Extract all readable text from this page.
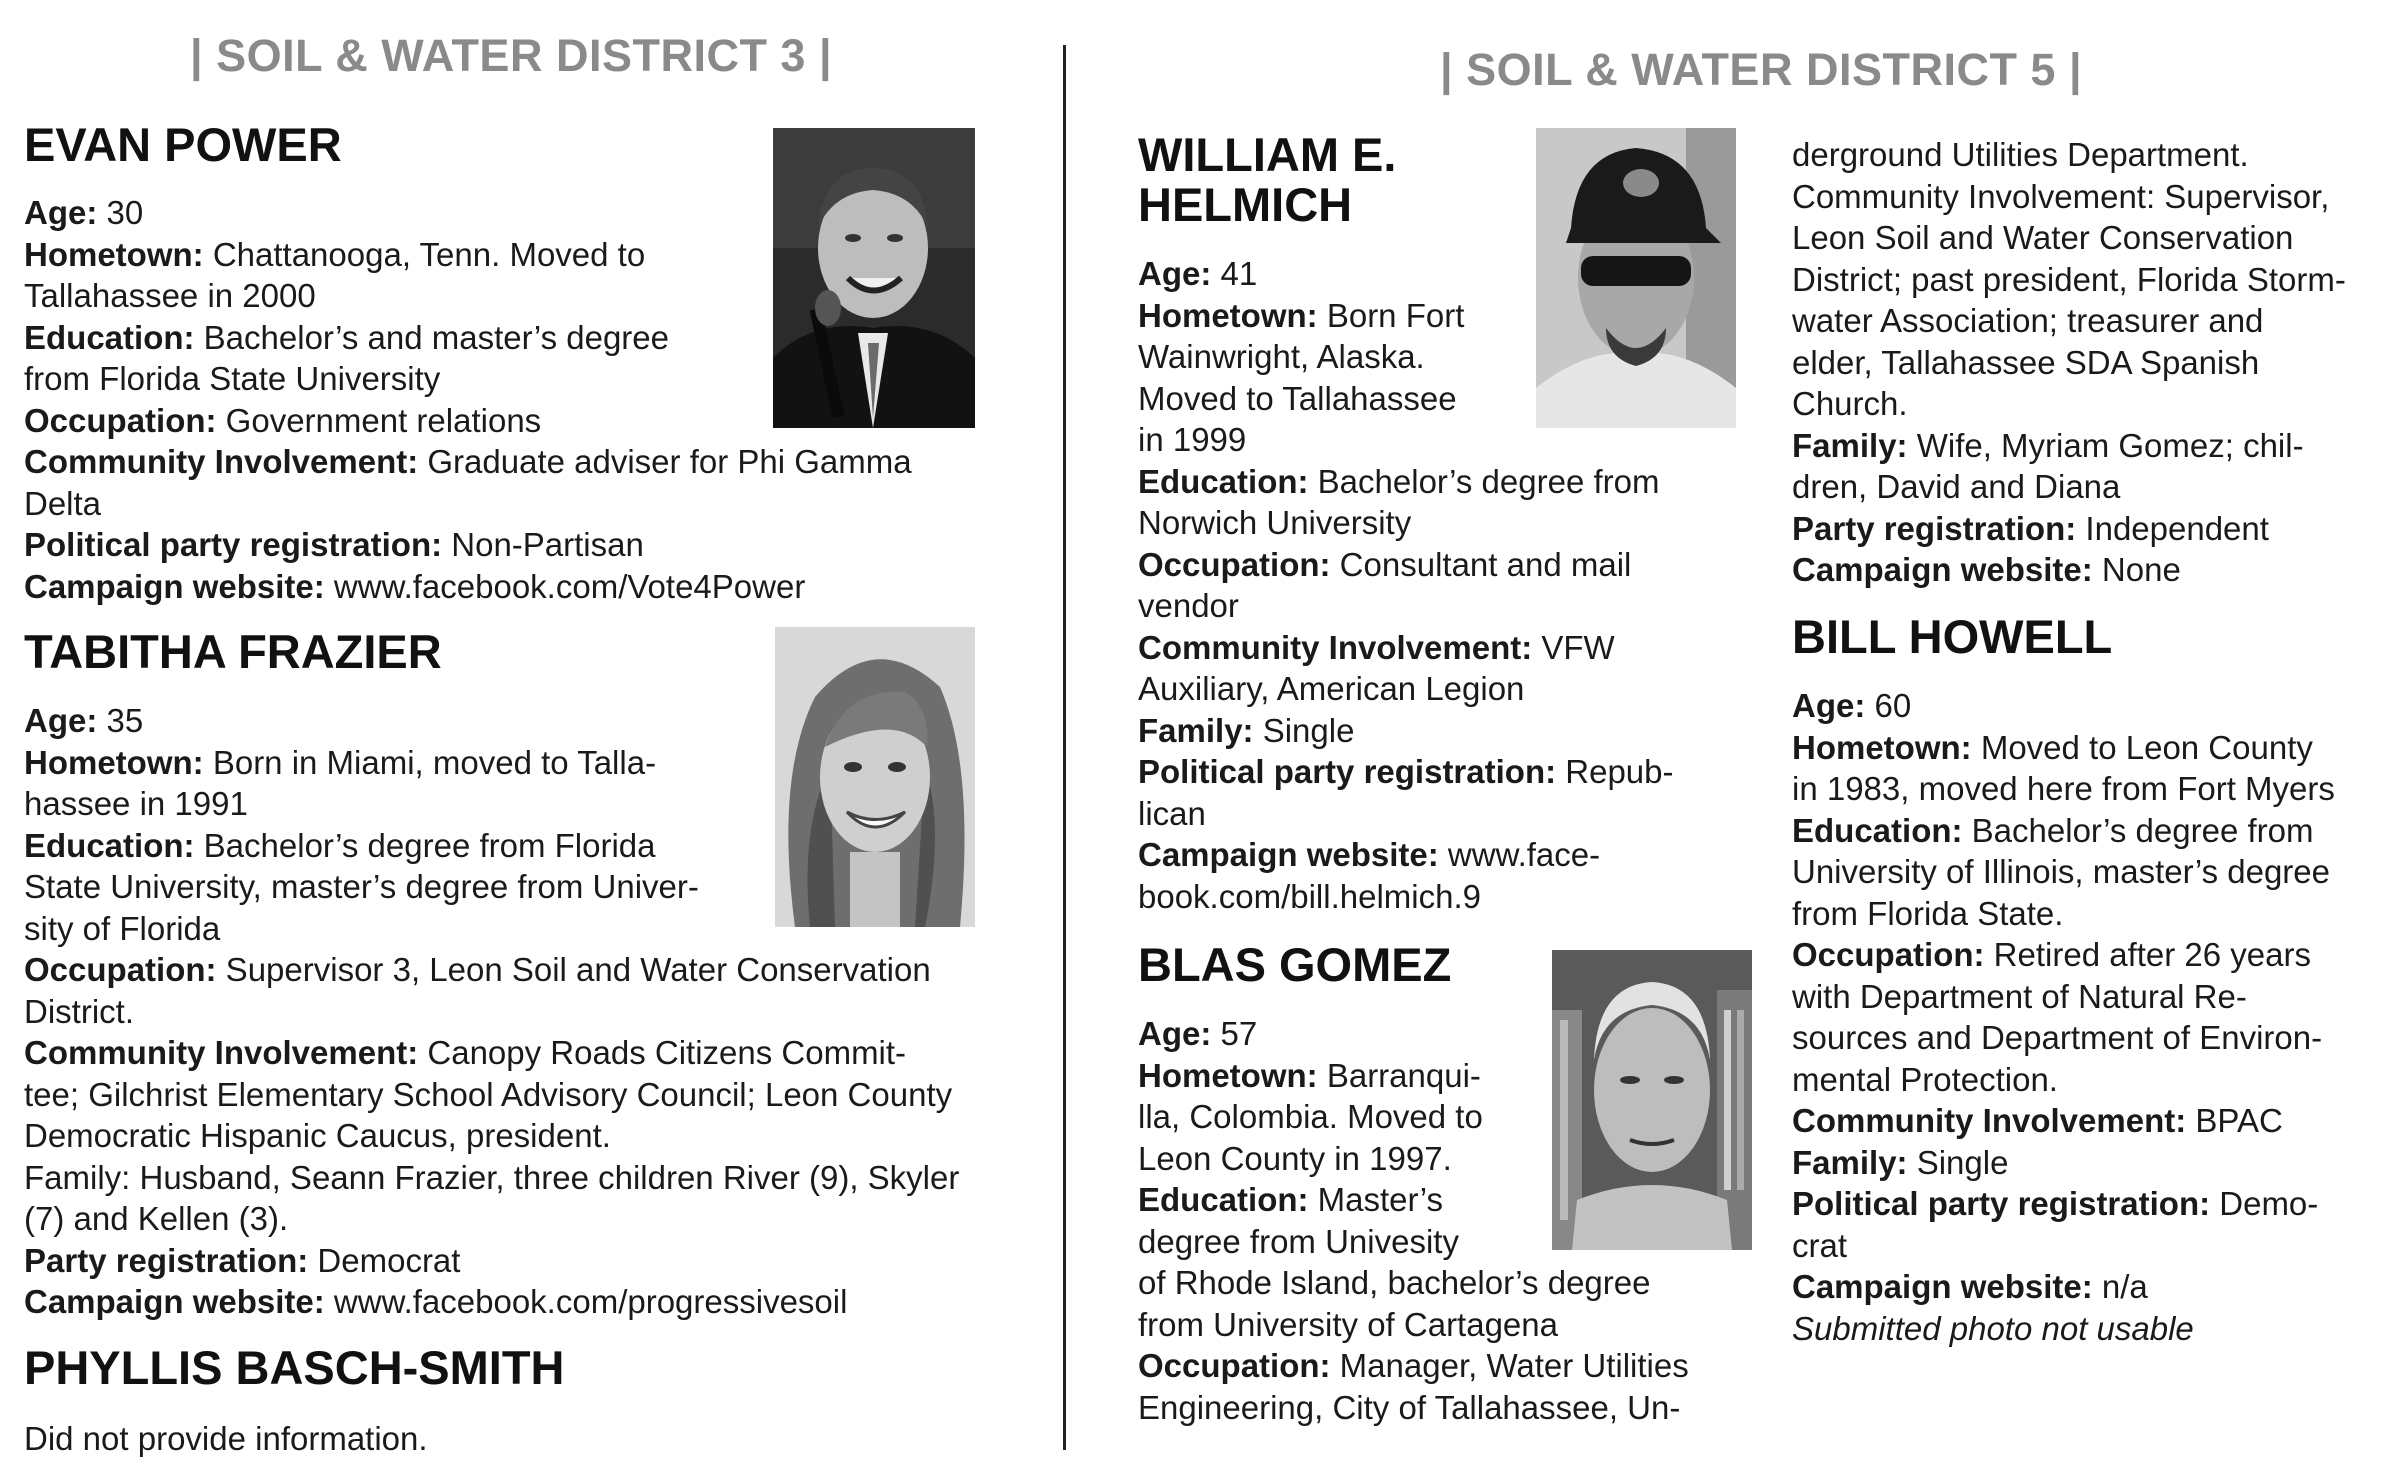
| SOIL & WATER DISTRICT 3 |	| SOIL & WATER DISTRICT 5 |
EVAN POWER
Age: 30
Hometown: Chattanooga, Tenn. Moved to
Tallahassee in 2000
Education: Bachelor’s and master’s degree
from Florida State University
Occupation: Government relations
Community Involvement: Graduate adviser for Phi Gamma
Delta
Political party registration: Non-Partisan
Campaign website: www.facebook.com/Vote4Power
TABITHA FRAZIER
Age: 35
Hometown: Born in Miami, moved to Talla-
hassee in 1991
Education: Bachelor’s degree from Florida
State University, master’s degree from Univer-
sity of Florida
Occupation: Supervisor 3, Leon Soil and Water Conservation
District.
Community Involvement: Canopy Roads Citizens Commit-
tee; Gilchrist Elementary School Advisory Council; Leon County
Democratic Hispanic Caucus, president.
Family: Husband, Seann Frazier, three children River (9), Skyler
(7) and Kellen (3).
Party registration: Democrat
Campaign website: www.facebook.com/progressivesoil
PHYLLIS BASCH-SMITH
Did not provide information.
WILLIAM E.
HELMICH
Age: 41
Hometown: Born Fort
Wainwright, Alaska.
Moved to Tallahassee
in 1999
Education: Bachelor’s degree from
Norwich University
Occupation: Consultant and mail
vendor
Community Involvement: VFW
Auxiliary, American Legion
Family: Single
Political party registration: Repub-
lican
Campaign website: www.face-
book.com/bill.helmich.9
BLAS GOMEZ
Age: 57
Hometown: Barranqui-
lla, Colombia. Moved to
Leon County in 1997.
Education: Master’s
degree from Univesity
of Rhode Island, bachelor’s degree
from University of Cartagena
Occupation: Manager, Water Utilities
Engineering, City of Tallahassee, Un-
derground Utilities Department.
Community Involvement: Supervisor,
Leon Soil and Water Conservation
District; past president, Florida Storm-
water Association; treasurer and
elder, Tallahassee SDA Spanish
Church.
Family: Wife, Myriam Gomez; chil-
dren, David and Diana
Party registration: Independent
Campaign website: None
BILL HOWELL
Age: 60
Hometown: Moved to Leon County
in 1983, moved here from Fort Myers
Education: Bachelor’s degree from
University of Illinois, master’s degree
from Florida State.
Occupation: Retired after 26 years
with Department of Natural Re-
sources and Department of Environ-
mental Protection.
Community Involvement: BPAC
Family: Single
Political party registration: Demo-
crat
Campaign website: n/a
Submitted photo not usable
